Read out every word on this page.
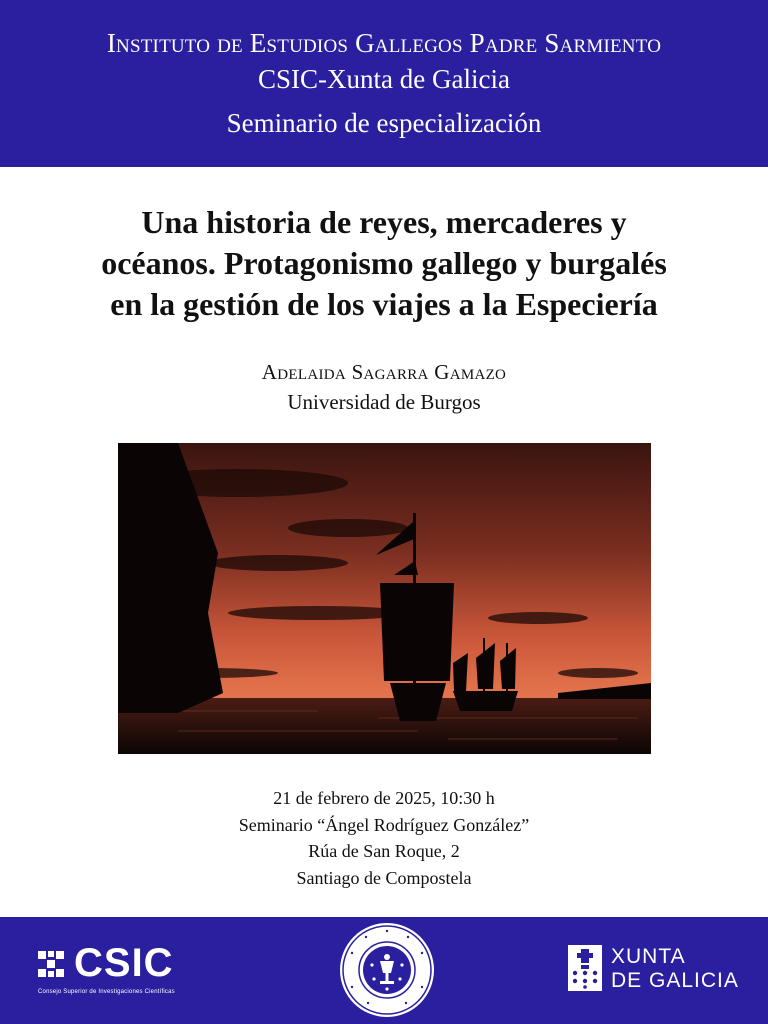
Instituto de Estudios Gallegos Padre Sarmiento
CSIC-Xunta de Galicia
Seminario de especialización
Una historia de reyes, mercaderes y
océanos. Protagonismo gallego y burgalés
en la gestión de los viajes a la Especiería
Adelaida Sagarra Gamazo
Universidad de Burgos
21 de febrero de 2025, 10:30 h
Seminario “Ángel Rodríguez González”
Rúa de San Roque, 2
Santiago de Compostela
CSIC
Consejo Superior de Investigaciones Científicas
XUNTA
DE GALICIA
